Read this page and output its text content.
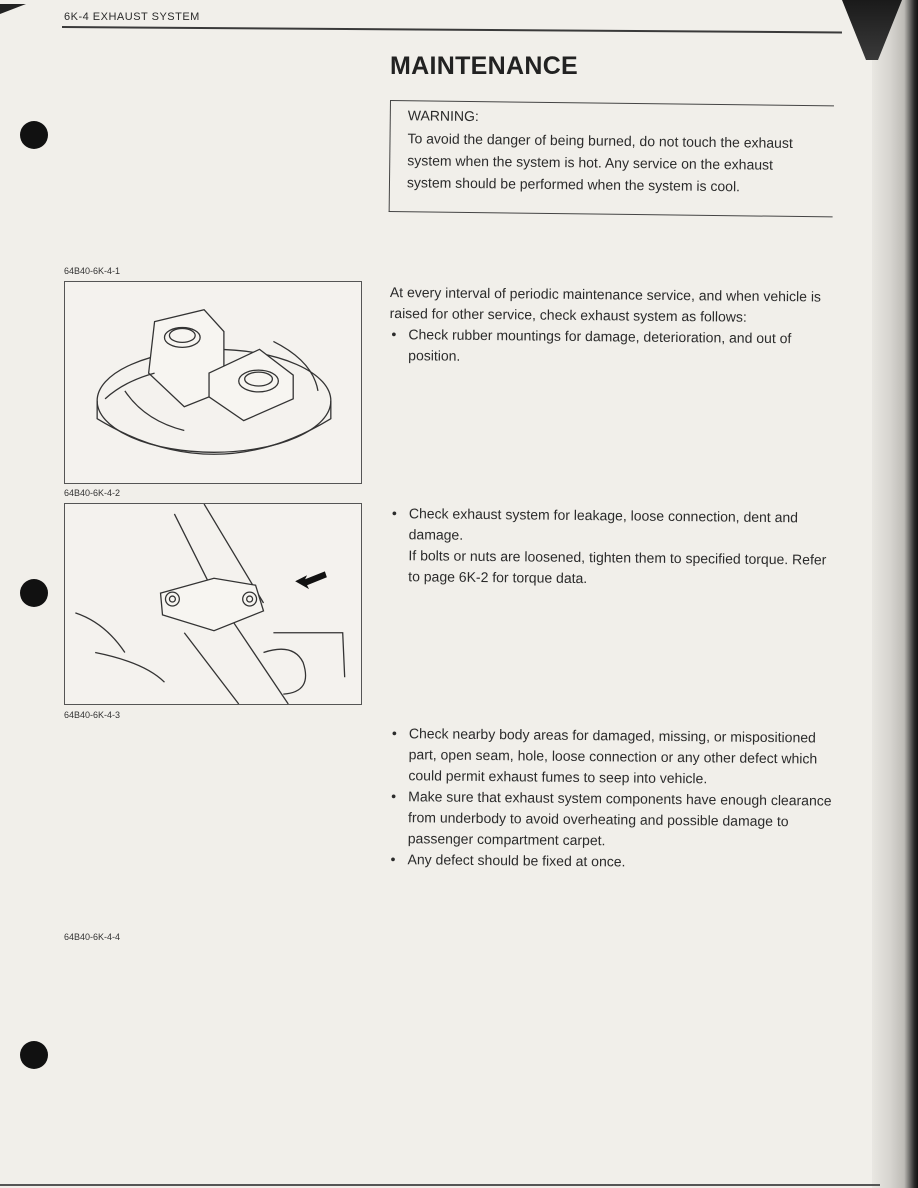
6K-4 EXHAUST SYSTEM
MAINTENANCE
WARNING:
To avoid the danger of being burned, do not touch the exhaust system when the system is hot. Any service on the exhaust system should be performed when the system is cool.
64B40-6K-4-1
64B40-6K-4-2
64B40-6K-4-3
64B40-6K-4-4
At every interval of periodic maintenance service, and when vehicle is raised for other service, check exhaust system as follows:
• Check rubber mountings for damage, deterioration, and out of position.
• Check exhaust system for leakage, loose connection, dent and damage.
If bolts or nuts are loosened, tighten them to specified torque. Refer to page 6K-2 for torque data.
• Check nearby body areas for damaged, missing, or mispositioned part, open seam, hole, loose connection or any other defect which could permit exhaust fumes to seep into vehicle.
• Make sure that exhaust system components have enough clearance from underbody to avoid overheating and possible damage to passenger compartment carpet.
• Any defect should be fixed at once.
